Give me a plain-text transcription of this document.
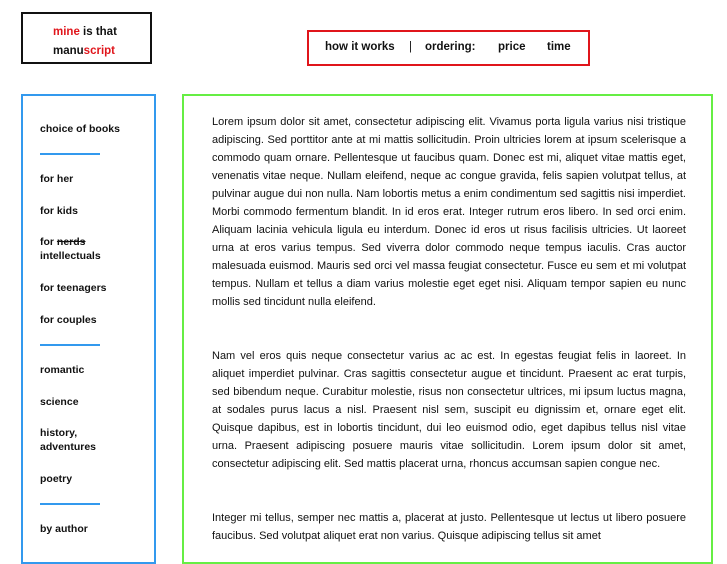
mine is that
manuscript	how it works | ordering: price time
choice of books
for her
for kids
for nerds
intellectuals
for teenagers
for couples
romantic
science
history,
adventures
poetry
by author

Lorem ipsum dolor sit amet, consectetur adipiscing elit. Vivamus porta ligula varius nisi tristique adipiscing. Sed porttitor ante at mi mattis sollicitudin. Proin ultricies lorem at ipsum scelerisque a commodo quam ornare. Pellentesque ut faucibus quam. Donec est mi, aliquet vitae mattis eget, venenatis vitae neque. Nullam eleifend, neque ac congue gravida, felis sapien volutpat tellus, at pulvinar augue dui non nulla. Nam lobortis metus a enim condimentum sed sagittis nisi imperdiet. Morbi commodo fermentum blandit. In id eros erat. Integer rutrum eros libero. In sed orci enim. Aliquam lacinia vehicula ligula eu interdum. Donec id eros ut risus facilisis ultricies. Ut laoreet urna at eros varius tempus. Sed viverra dolor commodo neque tempus iaculis. Cras auctor malesuada euismod. Mauris sed orci vel massa feugiat consectetur. Fusce eu sem et mi volutpat tempus. Nullam et tellus a diam varius molestie eget eget nisi. Aliquam tempor sapien eu nunc mollis sed tincidunt nulla eleifend.

Nam vel eros quis neque consectetur varius ac ac est. In egestas feugiat felis in laoreet. In aliquet imperdiet pulvinar. Cras sagittis consectetur augue et tincidunt. Praesent ac erat turpis, sed bibendum neque. Curabitur molestie, risus non consectetur ultrices, mi ipsum luctus magna, at sodales purus lacus a nisl. Praesent nisl sem, suscipit eu dignissim et, ornare eget elit. Quisque dapibus, est in lobortis tincidunt, dui leo euismod odio, eget dapibus tellus nisl vitae urna. Praesent adipiscing posuere mauris vitae sollicitudin. Lorem ipsum dolor sit amet, consectetur adipiscing elit. Sed mattis placerat urna, rhoncus accumsan sapien congue nec.

Integer mi tellus, semper nec mattis a, placerat at justo. Pellentesque ut lectus ut libero posuere faucibus. Sed volutpat aliquet erat non varius. Quisque adipiscing tellus sit amet
